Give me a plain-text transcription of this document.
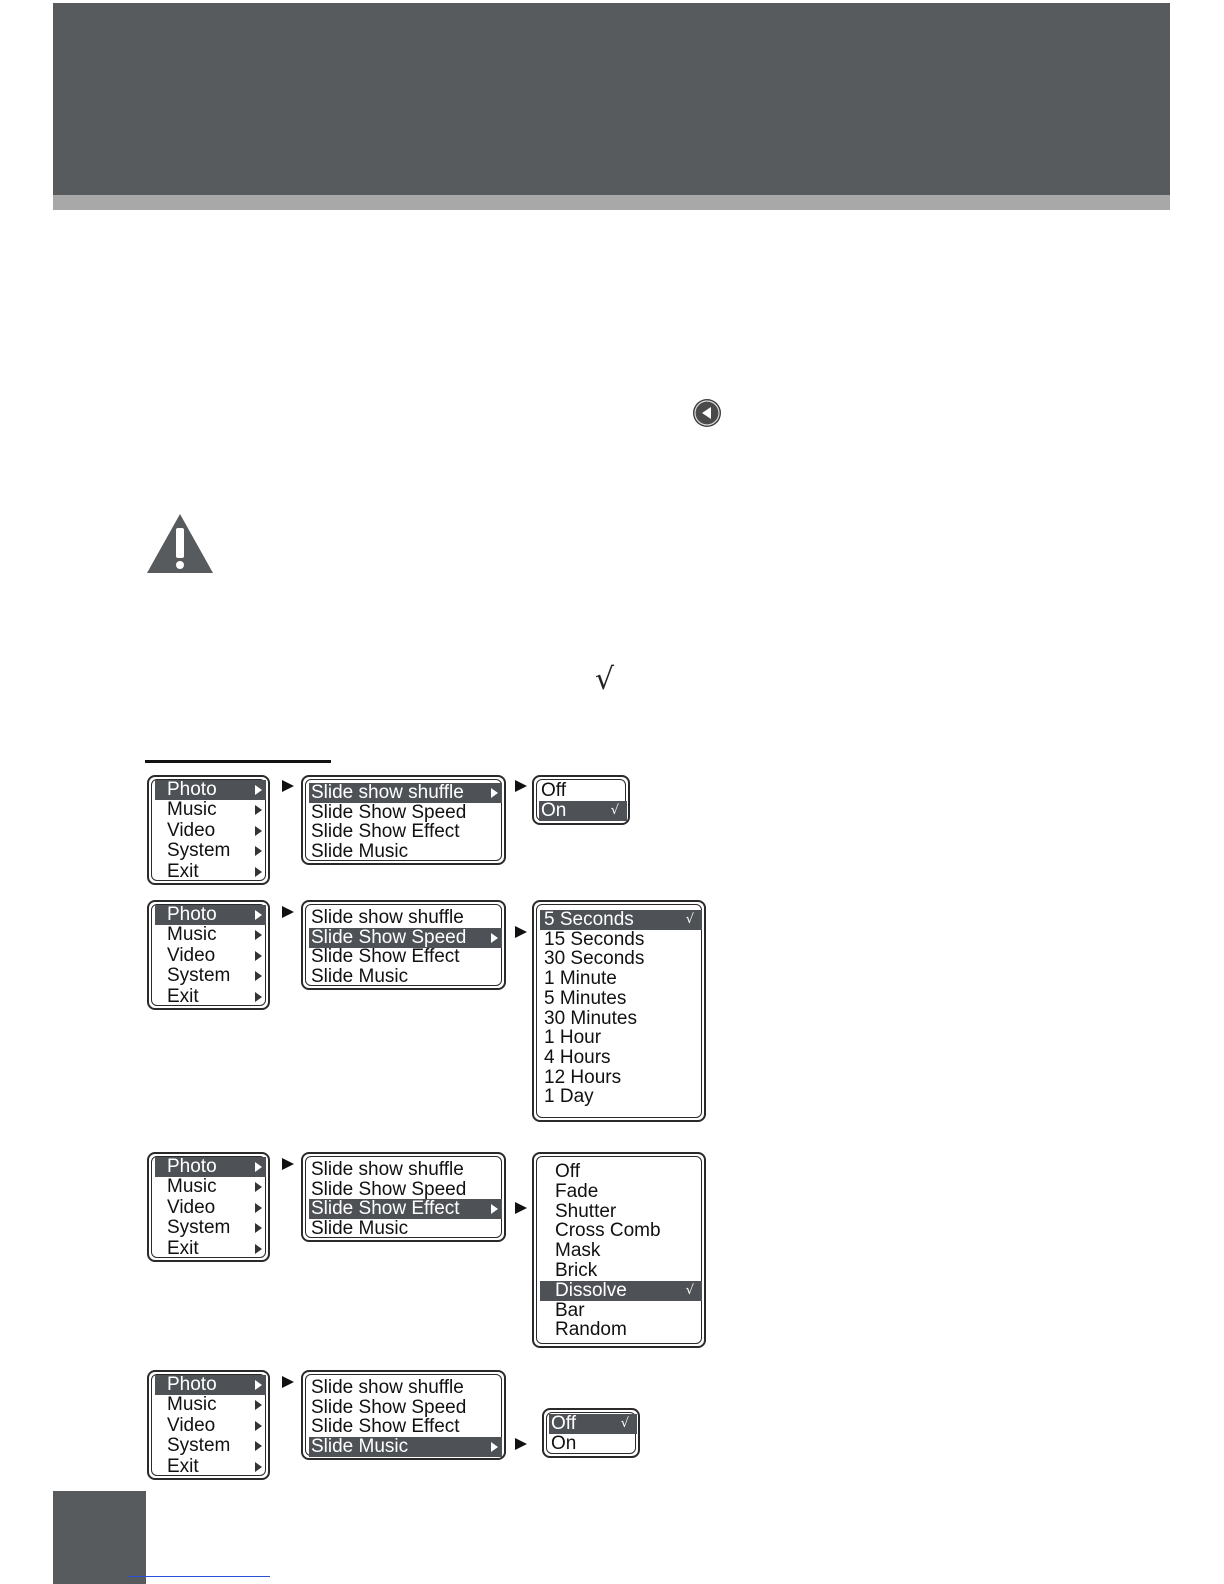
√
Photo
Music
Video
System
Exit
Slide show shuffle
Slide Show Speed
Slide Show Effect
Slide Music
Off
On	√
Photo
Music
Video
System
Exit
Slide show shuffle
Slide Show Speed
Slide Show Effect
Slide Music
5 Seconds	√
15 Seconds
30 Seconds
1 Minute
5 Minutes
30 Minutes
1 Hour
4 Hours
12 Hours
1 Day
Photo
Music
Video
System
Exit
Slide show shuffle
Slide Show Speed
Slide Show Effect
Slide Music
Off
Fade
Shutter
Cross Comb
Mask
Brick
Dissolve	√
Bar
Random
Photo
Music
Video
System
Exit
Slide show shuffle
Slide Show Speed
Slide Show Effect
Slide Music
Off	√
On
